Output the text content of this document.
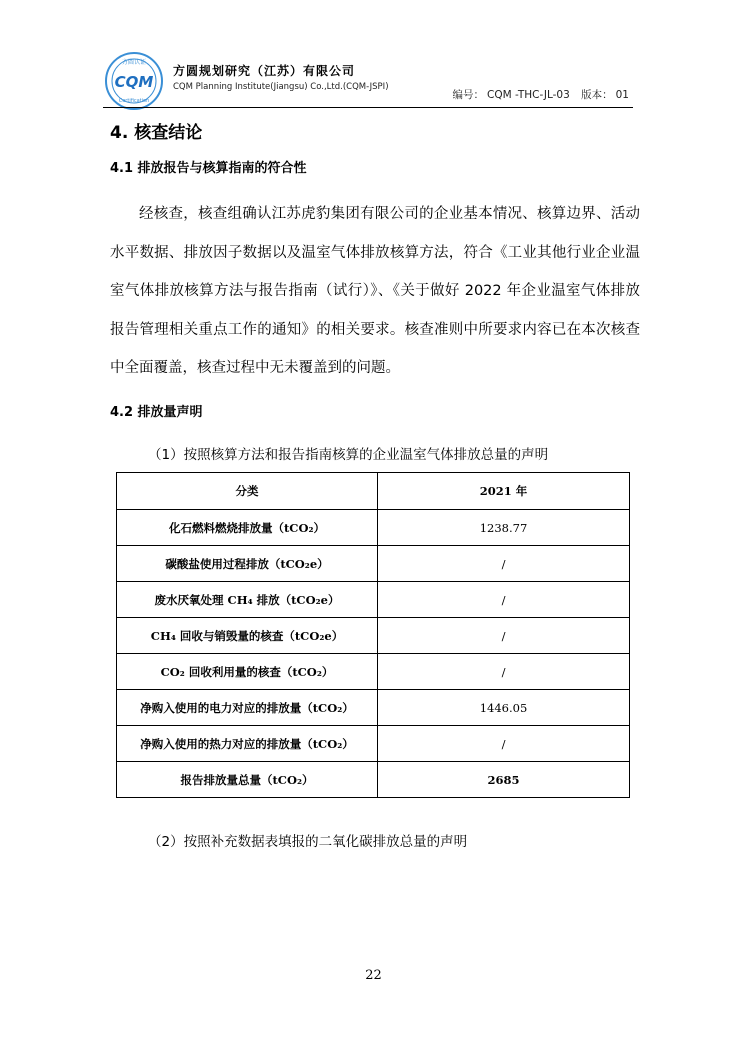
方圆认证
CQM
Certification
方圆规划研究（江苏）有限公司
CQM Planning Institute(Jiangsu) Co.,Ltd.(CQM-JSPI)
编号： CQM -THC-JL-03 版本： 01
4. 核查结论
4.1 排放报告与核算指南的符合性

经核查，核查组确认江苏虎豹集团有限公司的企业基本情况、核算边界、活动水平数据、排放因子数据以及温室气体排放核算方法，符合《工业其他行业企业温室气体排放核算方法与报告指南（试行）》、《关于做好 2022 年企业温室气体排放报告管理相关重点工作的通知》的相关要求。核查准则中所要求内容已在本次核查中全面覆盖，核查过程中无未覆盖到的问题。

4.2 排放量声明

（1）按照核算方法和报告指南核算的企业温室气体排放总量的声明

分类	2021 年
化石燃料燃烧排放量（tCO₂）	1238.77
碳酸盐使用过程排放（tCO₂e）	/
废水厌氧处理 CH₄ 排放（tCO₂e）	/
CH₄ 回收与销毁量的核查（tCO₂e）	/
CO₂ 回收利用量的核查（tCO₂）	/
净购入使用的电力对应的排放量（tCO₂）	1446.05
净购入使用的热力对应的排放量（tCO₂）	/
报告排放量总量（tCO₂）	2685

（2）按照补充数据表填报的二氧化碳排放总量的声明

22
